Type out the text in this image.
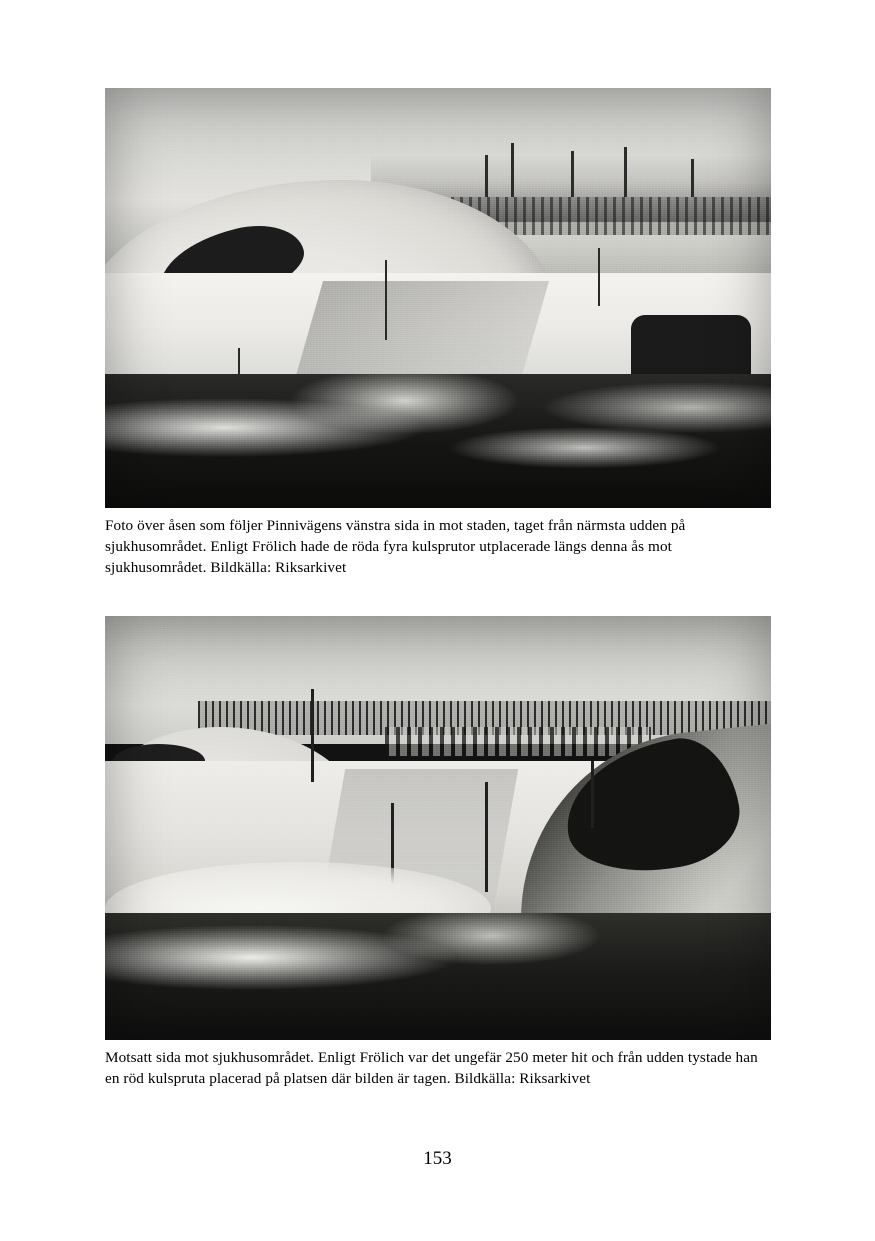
Foto över åsen som följer Pinnivägens vänstra sida in mot staden, taget från närmsta udden på sjukhusområdet. Enligt Frölich hade de röda fyra kulsprutor utplacerade längs denna ås mot sjukhusområdet. Bildkälla: Riksarkivet
Motsatt sida mot sjukhusområdet. Enligt Frölich var det ungefär 250 meter hit och från udden tystade han en röd kulspruta placerad på platsen där bilden är tagen. Bildkälla: Riksarkivet
153
